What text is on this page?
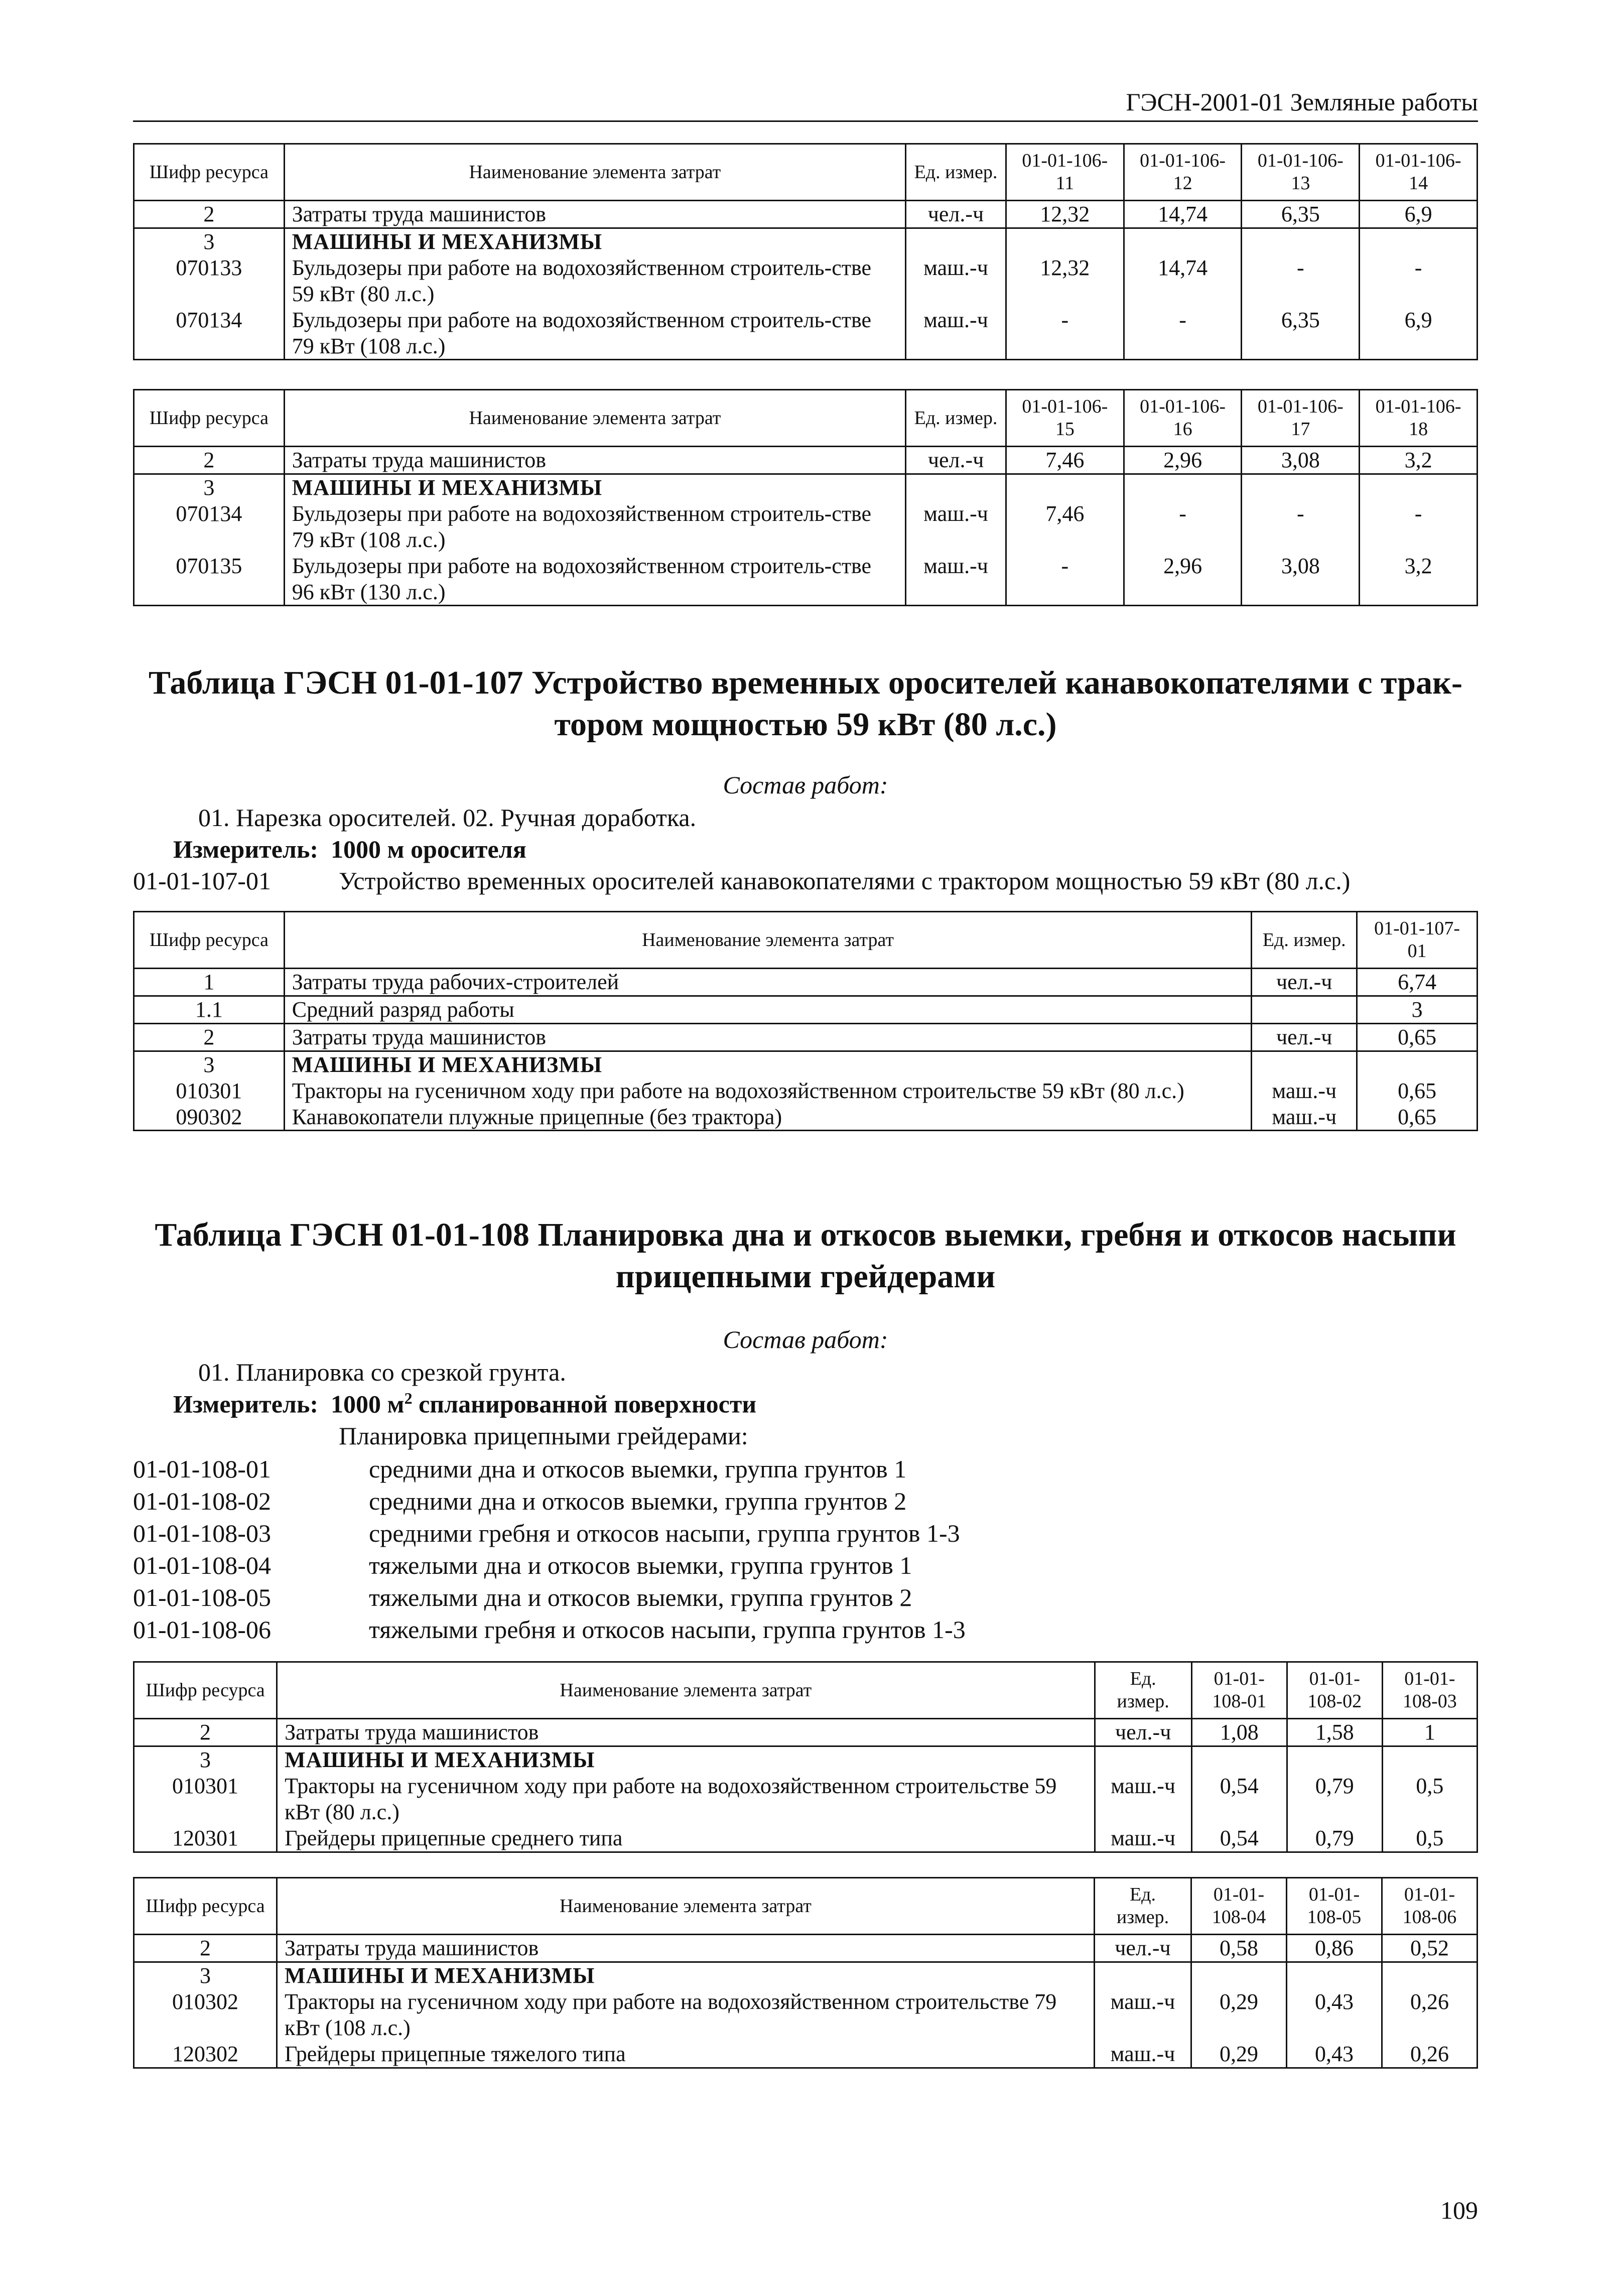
ГЭСН-2001-01 Земляные работы
Шифр ресурса	Наименование элемента затрат	Ед. измер.	01-01-106-11	01-01-106-12	01-01-106-13	01-01-106-14
2	Затраты труда машинистов	чел.-ч	12,32	14,74	6,35	6,9
3	МАШИНЫ И МЕХАНИЗМЫ					
070133	Бульдозеры при работе на водохозяйственном строитель-стве 59 кВт (80 л.с.)	маш.-ч	12,32	14,74	-	-
070134	Бульдозеры при работе на водохозяйственном строитель-стве 79 кВт (108 л.с.)	маш.-ч	-	-	6,35	6,9
Шифр ресурса	Наименование элемента затрат	Ед. измер.	01-01-106-15	01-01-106-16	01-01-106-17	01-01-106-18
2	Затраты труда машинистов	чел.-ч	7,46	2,96	3,08	3,2
3	МАШИНЫ И МЕХАНИЗМЫ					
070134	Бульдозеры при работе на водохозяйственном строитель-стве 79 кВт (108 л.с.)	маш.-ч	7,46	-	-	-
070135	Бульдозеры при работе на водохозяйственном строитель-стве 96 кВт (130 л.с.)	маш.-ч	-	2,96	3,08	3,2
Таблица ГЭСН 01-01-107 Устройство временных оросителей канавокопателями с трак-
тором мощностью 59 кВт (80 л.с.)
Состав работ:
01. Нарезка оросителей. 02. Ручная доработка.
Измеритель: 1000 м оросителя
01-01-107-01	Устройство временных оросителей канавокопателями с трактором мощностью 59 кВт (80 л.с.)
Шифр ресурса	Наименование элемента затрат	Ед. измер.	01-01-107-01
1	Затраты труда рабочих-строителей	чел.-ч	6,74
1.1	Средний разряд работы		3
2	Затраты труда машинистов	чел.-ч	0,65
3	МАШИНЫ И МЕХАНИЗМЫ		
010301	Тракторы на гусеничном ходу при работе на водохозяйственном строительстве 59 кВт (80 л.с.)	маш.-ч	0,65
090302	Канавокопатели плужные прицепные (без трактора)	маш.-ч	0,65
Таблица ГЭСН 01-01-108 Планировка дна и откосов выемки, гребня и откосов насыпи
прицепными грейдерами
Состав работ:
01. Планировка со срезкой грунта.
Измеритель: 1000 $м^2$ спланированной поверхности
Планировка прицепными грейдерами:
01-01-108-01	средними дна и откосов выемки, группа грунтов 1
01-01-108-02	средними дна и откосов выемки, группа грунтов 2
01-01-108-03	средними гребня и откосов насыпи, группа грунтов 1-3
01-01-108-04	тяжелыми дна и откосов выемки, группа грунтов 1
01-01-108-05	тяжелыми дна и откосов выемки, группа грунтов 2
01-01-108-06	тяжелыми гребня и откосов насыпи, группа грунтов 1-3
Шифр ресурса	Наименование элемента затрат	Ед. измер.	01-01-108-01	01-01-108-02	01-01-108-03
2	Затраты труда машинистов	чел.-ч	1,08	1,58	1
3	МАШИНЫ И МЕХАНИЗМЫ				
010301	Тракторы на гусеничном ходу при работе на водохозяйственном строительстве 59 кВт (80 л.с.)	маш.-ч	0,54	0,79	0,5
120301	Грейдеры прицепные среднего типа	маш.-ч	0,54	0,79	0,5
Шифр ресурса	Наименование элемента затрат	Ед. измер.	01-01-108-04	01-01-108-05	01-01-108-06
2	Затраты труда машинистов	чел.-ч	0,58	0,86	0,52
3	МАШИНЫ И МЕХАНИЗМЫ				
010302	Тракторы на гусеничном ходу при работе на водохозяйственном строительстве 79 кВт (108 л.с.)	маш.-ч	0,29	0,43	0,26
120302	Грейдеры прицепные тяжелого типа	маш.-ч	0,29	0,43	0,26
109
